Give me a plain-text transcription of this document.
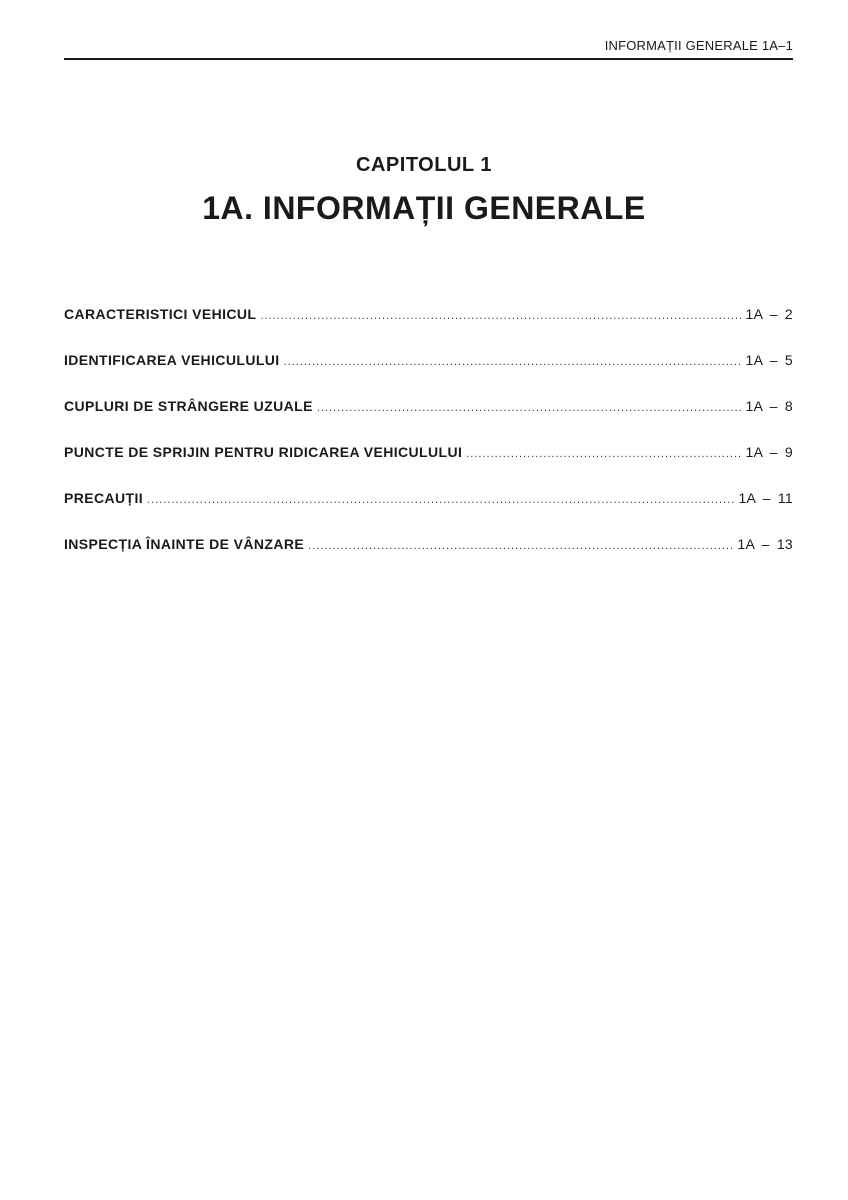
INFORMAȚII GENERALE 1A–1
CAPITOLUL 1
1A. INFORMAȚII GENERALE
CARACTERISTICI VEHICUL .....	1A – 2
IDENTIFICAREA VEHICULULUI .....	1A – 5
CUPLURI DE STRÂNGERE UZUALE .....	1A – 8
PUNCTE DE SPRIJIN PENTRU RIDICAREA VEHICULULUI .....	1A – 9
PRECAUȚII .....	1A – 11
INSPECȚIA ÎNAINTE DE VÂNZARE .....	1A – 13
